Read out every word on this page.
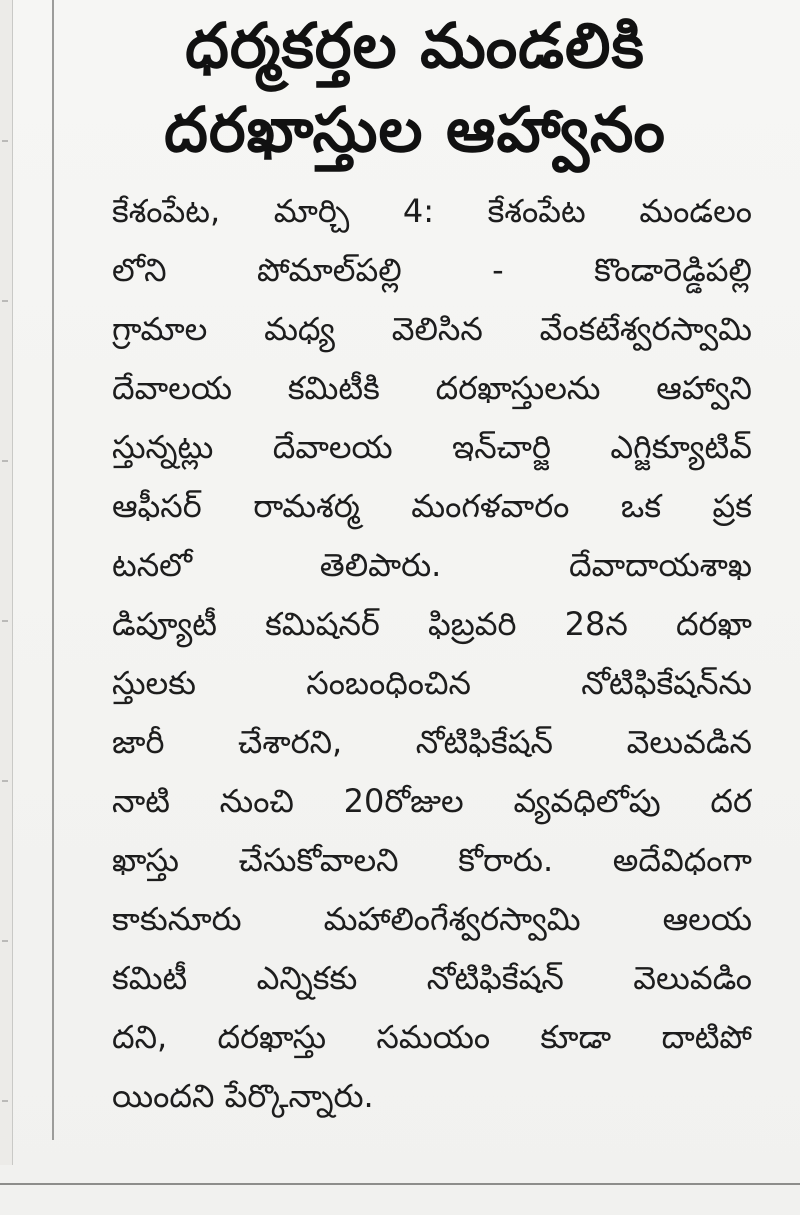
ధర్మకర్తల మండలికి
దరఖాస్తుల ఆహ్వానం
కేశంపేట, మార్చి 4: కేశంపేట మండలం
లోని పోమాల్‌పల్లి - కొండారెడ్డిపల్లి
గ్రామాల మధ్య వెలిసిన వేంకటేశ్వరస్వామి
దేవాలయ కమిటీకి దరఖాస్తులను ఆహ్వాని
స్తున్నట్లు దేవాలయ ఇన్‌చార్జి ఎగ్జిక్యూటివ్
ఆఫీసర్ రామశర్మ మంగళవారం ఒక ప్రక
టనలో తెలిపారు. దేవాదాయశాఖ
డిప్యూటీ కమిషనర్ ఫిబ్రవరి 28న దరఖా
స్తులకు సంబంధించిన నోటిఫికేషన్‌ను
జారీ చేశారని, నోటిఫికేషన్ వెలువడిన
నాటి నుంచి 20రోజుల వ్యవధిలోపు దర
ఖాస్తు చేసుకోవాలని కోరారు. అదేవిధంగా
కాకునూరు మహాలింగేశ్వరస్వామి ఆలయ
కమిటీ ఎన్నికకు నోటిఫికేషన్ వెలువడిం
దని, దరఖాస్తు సమయం కూడా దాటిపో
యిందని పేర్కొన్నారు.
